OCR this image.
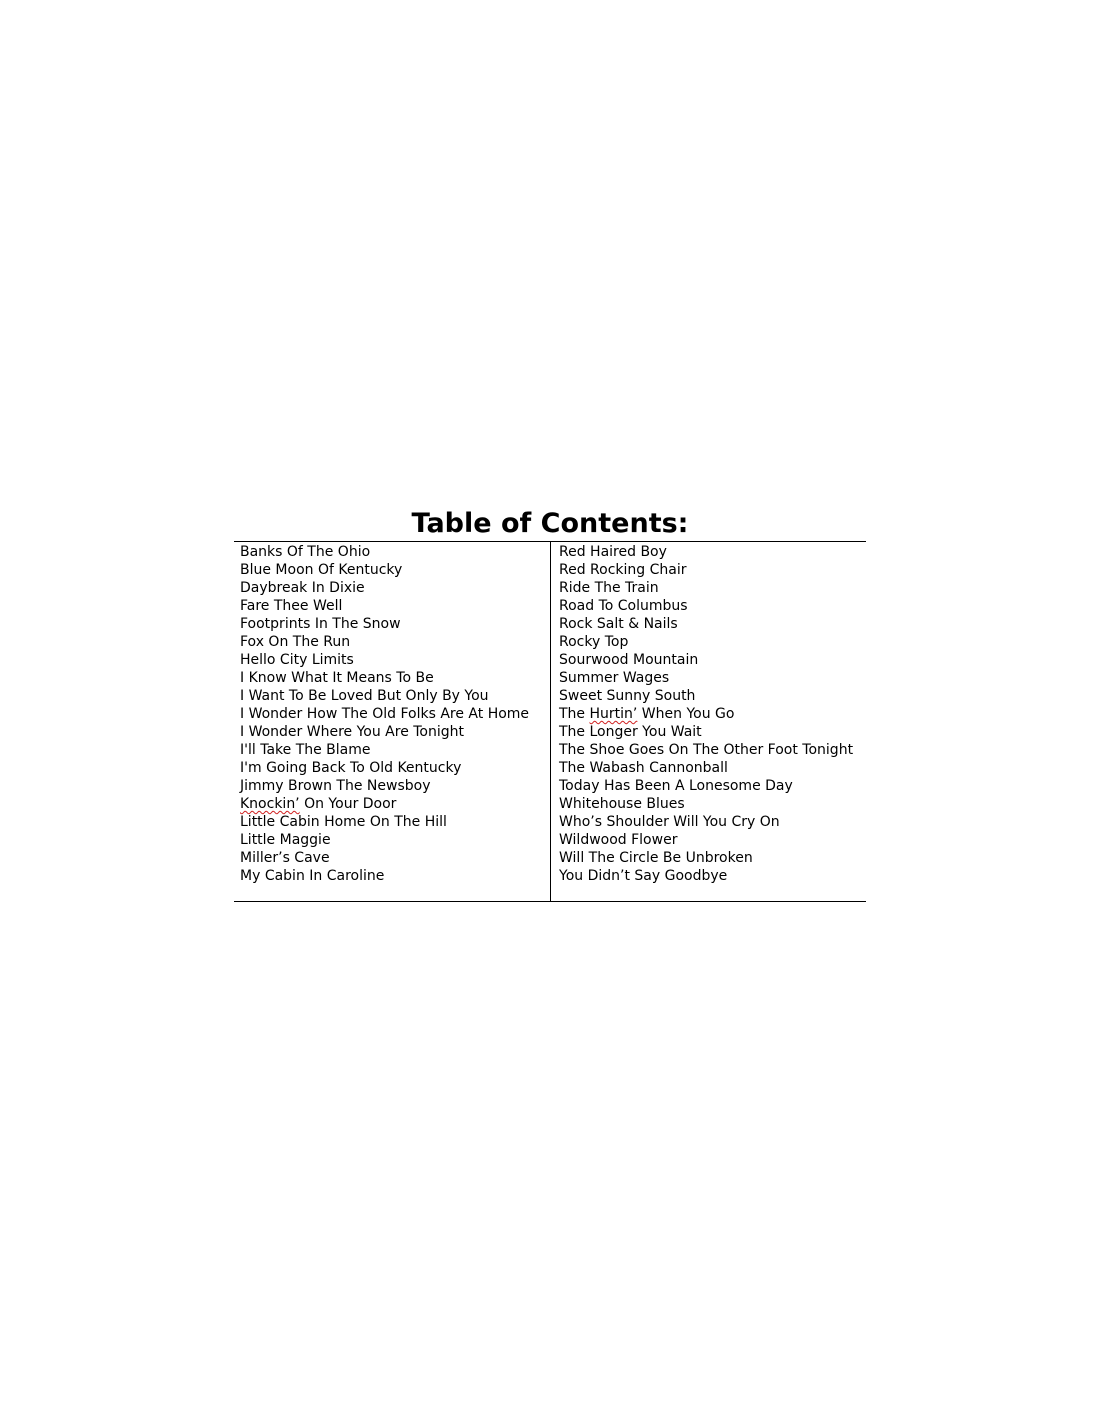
Table of Contents:
Banks Of The Ohio
Blue Moon Of Kentucky
Daybreak In Dixie
Fare Thee Well
Footprints In The Snow
Fox On The Run
Hello City Limits
I Know What It Means To Be
I Want To Be Loved But Only By You
I Wonder How The Old Folks Are At Home
I Wonder Where You Are Tonight
I'll Take The Blame
I'm Going Back To Old Kentucky
Jimmy Brown The Newsboy
Knockin’ On Your Door
Little Cabin Home On The Hill
Little Maggie
Miller’s Cave
My Cabin In Caroline
Red Haired Boy
Red Rocking Chair
Ride The Train
Road To Columbus
Rock Salt & Nails
Rocky Top
Sourwood Mountain
Summer Wages
Sweet Sunny South
The Hurtin’ When You Go
The Longer You Wait
The Shoe Goes On The Other Foot Tonight
The Wabash Cannonball
Today Has Been A Lonesome Day
Whitehouse Blues
Who’s Shoulder Will You Cry On
Wildwood Flower
Will The Circle Be Unbroken
You Didn’t Say Goodbye
